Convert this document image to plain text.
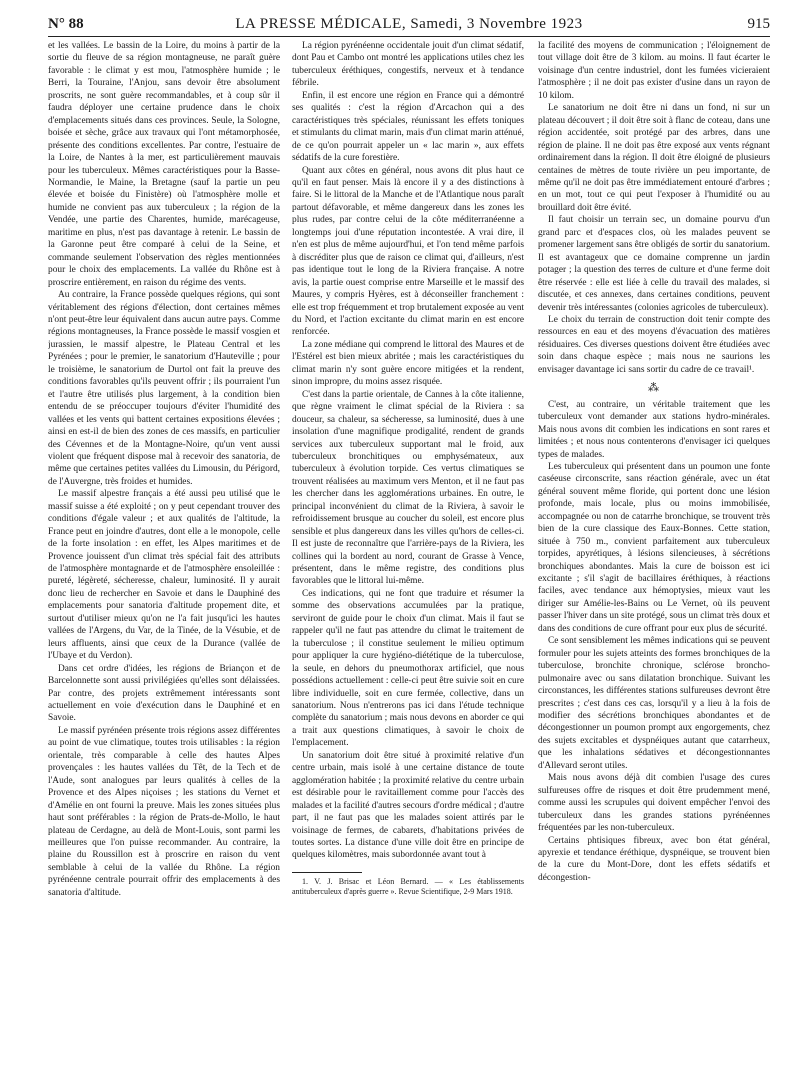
N° 88	LA PRESSE MÉDICALE, Samedi, 3 Novembre 1923	915

et les vallées. Le bassin de la Loire, du moins à partir de la sortie du fleuve de sa région montagneuse, ne paraît guère favorable : le climat y est mou, l'atmosphère humide ; le Berri, la Touraine, l'Anjou, sans devoir être absolument proscrits, ne sont guère recommandables, et à coup sûr il faudra déployer une certaine prudence dans le choix d'emplacements situés dans ces provinces. Seule, la Sologne, boisée et sèche, grâce aux travaux qui l'ont métamorphosée, présente des conditions excellentes. Par contre, l'estuaire de la Loire, de Nantes à la mer, est particulièrement mauvais pour les tuberculeux. Mêmes caractéristiques pour la Basse-Normandie, le Maine, la Bretagne (sauf la partie un peu élevée et boisée du Finistère) où l'atmosphère molle et humide ne convient pas aux tuberculeux ; la région de la Vendée, une partie des Charentes, humide, marécageuse, maritime en plus, n'est pas davantage à retenir. Le bassin de la Garonne peut être comparé à celui de la Seine, et commande seulement l'observation des règles mentionnées pour le choix des emplacements. La vallée du Rhône est à proscrire entièrement, en raison du régime des vents.

Au contraire, la France possède quelques régions, qui sont véritablement des régions d'élection, dont certaines mêmes n'ont peut-être leur équivalent dans aucun autre pays. Comme régions montagneuses, la France possède le massif vosgien et jurassien, le massif alpestre, le Plateau Central et les Pyrénées ; pour le premier, le sanatorium d'Hauteville ; pour le troisième, le sanatorium de Durtol ont fait la preuve des conditions favorables qu'ils peuvent offrir ; ils pourraient l'un et l'autre être utilisés plus largement, à la condition bien entendu de se préoccuper toujours d'éviter l'humidité des vallées et les vents qui battent certaines expositions élevées ; ainsi en est-il de bien des zones de ces massifs, en particulier des Cévennes et de la Montagne-Noire, qu'un vent aussi violent que fréquent dispose mal à recevoir des sanatoria, de même que certaines petites vallées du Limousin, du Périgord, de l'Auvergne, très froides et humides.

Le massif alpestre français a été aussi peu utilisé que le massif suisse a été exploité ; on y peut cependant trouver des conditions d'égale valeur ; et aux qualités de l'altitude, la France peut en joindre d'autres, dont elle a le monopole, celle de la forte insolation : en effet, les Alpes maritimes et de Provence jouissent d'un climat très spécial fait des attributs de l'atmosphère montagnarde et de l'atmosphère ensoleillée : pureté, légèreté, sécheresse, chaleur, luminosité. Il y aurait donc lieu de rechercher en Savoie et dans le Dauphiné des emplacements pour sanatoria d'altitude propement dite, et surtout d'utiliser mieux qu'on ne l'a fait jusqu'ici les hautes vallées de l'Argens, du Var, de la Tinée, de la Vésubie, et de leurs affluents, ainsi que ceux de la Durance (vallée de l'Ubaye et du Verdon).

Dans cet ordre d'idées, les régions de Briançon et de Barcelonnette sont aussi privilégiées qu'elles sont délaissées. Par contre, des projets extrêmement intéressants sont actuellement en voie d'exécution dans le Dauphiné et en Savoie.

Le massif pyrénéen présente trois régions assez différentes au point de vue climatique, toutes trois utilisables : la région orientale, très comparable à celle des hautes Alpes provençales : les hautes vallées du Têt, de la Tech et de l'Aude, sont analogues par leurs qualités à celles de la Provence et des Alpes niçoises ; les stations du Vernet et d'Amélie en ont fourni la preuve. Mais les zones situées plus haut sont préférables : la région de Prats-de-Mollo, le haut plateau de Cerdagne, au delà de Mont-Louis, sont parmi les meilleures que l'on puisse recommander. Au contraire, la plaine du Roussillon est à proscrire en raison du vent semblable à celui de la vallée du Rhône. La région pyrénéenne centrale pourrait offrir des emplacements à des sanatoria d'altitude.

La région pyrénéenne occidentale jouit d'un climat sédatif, dont Pau et Cambo ont montré les applications utiles chez les tuberculeux éréthiques, congestifs, nerveux et à tendance fébrile.

Enfin, il est encore une région en France qui a démontré ses qualités : c'est la région d'Arcachon qui a des caractéristiques très spéciales, réunissant les effets toniques et stimulants du climat marin, mais d'un climat marin atténué, de ce qu'on pourrait appeler un « lac marin », aux effets sédatifs de la cure forestière.

Quant aux côtes en général, nous avons dit plus haut ce qu'il en faut penser. Mais là encore il y a des distinctions à faire. Si le littoral de la Manche et de l'Atlantique nous paraît partout défavorable, et même dangereux dans les zones les plus rudes, par contre celui de la côte méditerranéenne a longtemps joui d'une réputation incontestée. A vrai dire, il n'en est plus de même aujourd'hui, et l'on tend même parfois à discréditer plus que de raison ce climat qui, d'ailleurs, n'est pas identique tout le long de la Riviera française. A notre avis, la partie ouest comprise entre Marseille et le massif des Maures, y compris Hyères, est à déconseiller franchement : elle est trop fréquemment et trop brutalement exposée au vent du Nord, et l'action excitante du climat marin en est encore renforcée.

La zone médiane qui comprend le littoral des Maures et de l'Estérel est bien mieux abritée ; mais les caractéristiques du climat marin n'y sont guère encore mitigées et la rendent, sinon impropre, du moins assez risquée.

C'est dans la partie orientale, de Cannes à la côte italienne, que règne vraiment le climat spécial de la Riviera : sa douceur, sa chaleur, sa sécheresse, sa luminosité, dues à une insolation d'une magnifique prodigalité, rendent de grands services aux tuberculeux supportant mal le froid, aux tuberculeux bronchitiques ou emphysémateux, aux tuberculeux à évolution torpide. Ces vertus climatiques se trouvent réalisées au maximum vers Menton, et il ne faut pas les chercher dans les agglomérations urbaines. En outre, le principal inconvénient du climat de la Riviera, à savoir le refroidissement brusque au coucher du soleil, est encore plus sensible et plus dangereux dans les villes qu'hors de celles-ci. Il est juste de reconnaître que l'arrière-pays de la Riviera, les collines qui la bordent au nord, courant de Grasse à Vence, présentent, dans le même registre, des conditions plus favorables que le littoral lui-même.

Ces indications, qui ne font que traduire et résumer la somme des observations accumulées par la pratique, serviront de guide pour le choix d'un climat. Mais il faut se rappeler qu'il ne faut pas attendre du climat le traitement de la tuberculose ; il constitue seulement le milieu optimum pour appliquer la cure hygiéno-diététique de la tuberculose, la seule, en dehors du pneumothorax artificiel, que nous possédions actuellement : celle-ci peut être suivie soit en cure libre individuelle, soit en cure fermée, collective, dans un sanatorium. Nous n'entrerons pas ici dans l'étude technique complète du sanatorium ; mais nous devons en aborder ce qui a trait aux questions climatiques, à savoir le choix de l'emplacement.

Un sanatorium doit être situé à proximité relative d'un centre urbain, mais isolé à une certaine distance de toute agglomération habitée ; la proximité relative du centre urbain est désirable pour le ravitaillement comme pour l'accès des malades et la facilité d'autres secours d'ordre médical ; d'autre part, il ne faut pas que les malades soient attirés par le voisinage de fermes, de cabarets, d'habitations privées de toutes sortes. La distance d'une ville doit être en principe de quelques kilomètres, mais subordonnée avant tout à

1. V. J. Brisac et Léon Bernard. — « Les établissements antituberculeux d'après guerre ». Revue Scientifique, 2-9 Mars 1918.

la facilité des moyens de communication ; l'éloignement de tout village doit être de 3 kilom. au moins. Il faut écarter le voisinage d'un centre industriel, dont les fumées vicieraient l'atmosphère ; il ne doit pas exister d'usine dans un rayon de 10 kilom.

Le sanatorium ne doit être ni dans un fond, ni sur un plateau découvert ; il doit être soit à flanc de coteau, dans une région accidentée, soit protégé par des arbres, dans une région de plaine. Il ne doit pas être exposé aux vents régnant ordinairement dans la région. Il doit être éloigné de plusieurs centaines de mètres de toute rivière un peu importante, de même qu'il ne doit pas être immédiatement entouré d'arbres ; en un mot, tout ce qui peut l'exposer à l'humidité ou au brouillard doit être évité.

Il faut choisir un terrain sec, un domaine pourvu d'un grand parc et d'espaces clos, où les malades peuvent se promener largement sans être obligés de sortir du sanatorium. Il est avantageux que ce domaine comprenne un jardin potager ; la question des terres de culture et d'une ferme doit être réservée : elle est liée à celle du travail des malades, si discutée, et ces annexes, dans certaines conditions, peuvent devenir très intéressantes (colonies agricoles de tuberculeux).

Le choix du terrain de construction doit tenir compte des ressources en eau et des moyens d'évacuation des matières résiduaires. Ces diverses questions doivent être étudiées avec soin dans chaque espèce ; mais nous ne saurions les envisager davantage ici sans sortir du cadre de ce travail¹.

⁂

C'est, au contraire, un véritable traitement que les tuberculeux vont demander aux stations hydro-minérales. Mais nous avons dit combien les indications en sont rares et limitées ; et nous nous contenterons d'envisager ici quelques types de malades.

Les tuberculeux qui présentent dans un poumon une fonte caséeuse circonscrite, sans réaction générale, avec un état général souvent même floride, qui portent donc une lésion profonde, mais locale, plus ou moins immobilisée, accompagnée ou non de catarrhe bronchique, se trouvent très bien de la cure classique des Eaux-Bonnes. Cette station, située à 750 m., convient parfaitement aux tuberculeux torpides, apyrétiques, à lésions silencieuses, à sécrétions bronchiques abondantes. Mais la cure de boisson est ici excitante ; s'il s'agit de bacillaires éréthiques, à réactions faciles, avec tendance aux hémoptysies, mieux vaut les diriger sur Amélie-les-Bains ou Le Vernet, où ils peuvent passer l'hiver dans un site protégé, sous un climat très doux et dans des conditions de cure offrant pour eux plus de sécurité.

Ce sont sensiblement les mêmes indications qui se peuvent formuler pour les sujets atteints des formes bronchiques de la tuberculose, bronchite chronique, sclérose broncho-pulmonaire avec ou sans dilatation bronchique. Suivant les circonstances, les différentes stations sulfureuses devront être prescrites ; c'est dans ces cas, lorsqu'il y a lieu à la fois de modifier des sécrétions bronchiques abondantes et de décongestionner un poumon prompt aux engorgements, chez des sujets excitables et dyspnéiques autant que catarrheux, que les inhalations sédatives et décongestionnantes d'Allevard seront utiles.

Mais nous avons déjà dit combien l'usage des cures sulfureuses offre de risques et doit être prudemment mené, comme aussi les scrupules qui doivent empêcher l'envoi des tuberculeux dans les grandes stations pyrénéennes fréquentées par les non-tuberculeux.

Certains phtisiques fibreux, avec bon état général, apyrexie et tendance éréthique, dyspnéique, se trouvent bien de la cure du Mont-Dore, dont les effets sédatifs et décongestion-
